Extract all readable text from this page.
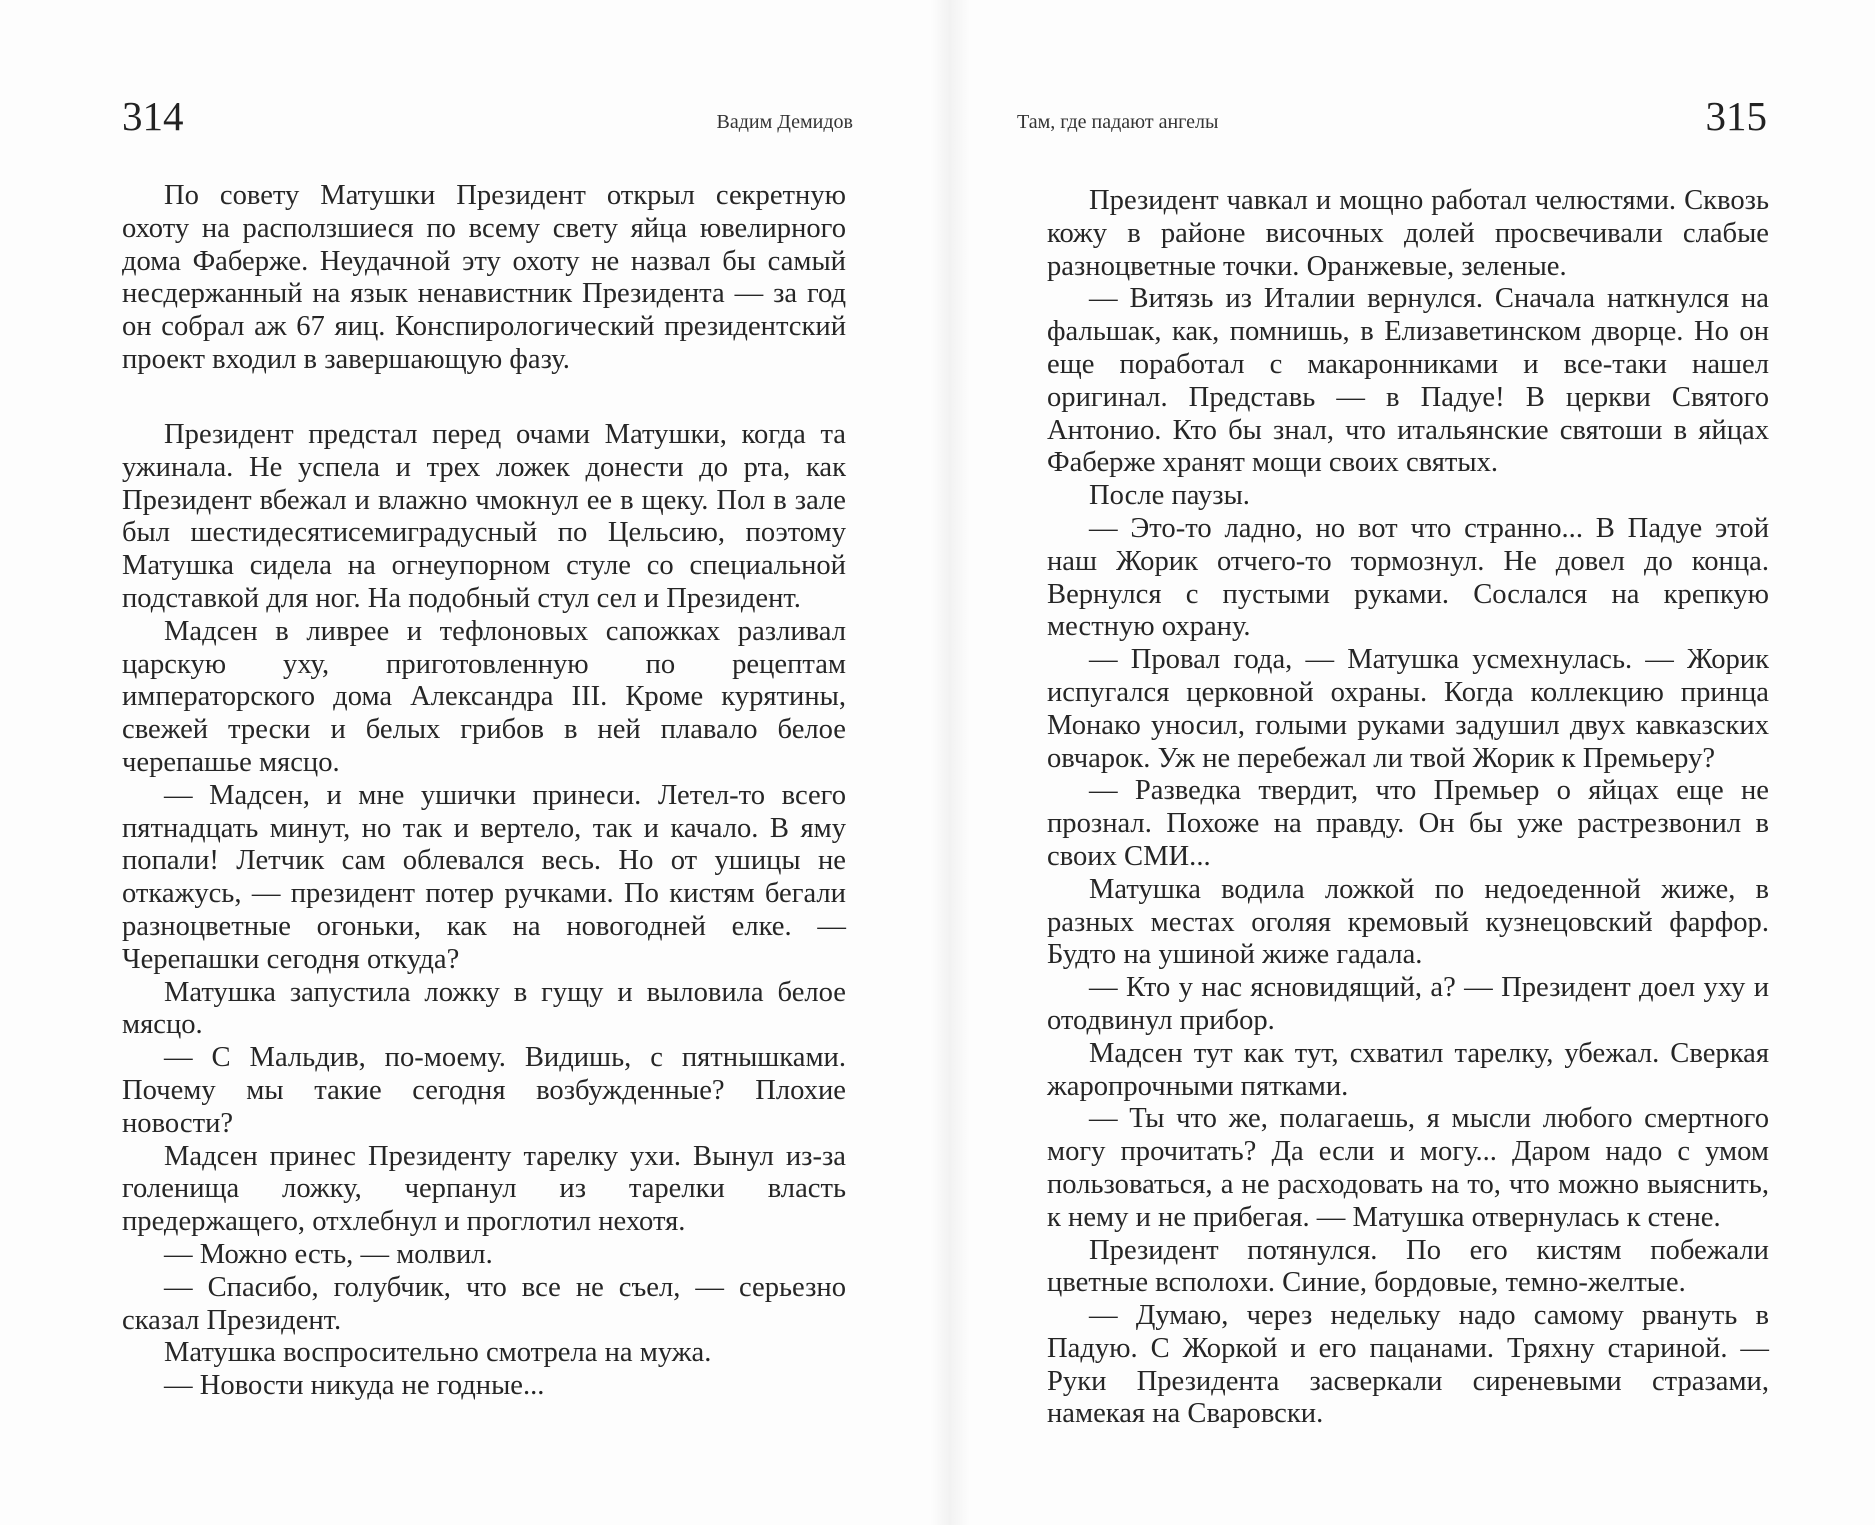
314	Вадим Демидов

По совету Матушки Президент открыл секретную охоту на расползшиеся по всему свету яйца ювелирного дома Фаберже. Неудачной эту охоту не назвал бы самый несдержанный на язык ненавистник Президента — за год он собрал аж 67 яиц. Конспирологический президентский проект входил в завершающую фазу.

Президент предстал перед очами Матушки, когда та ужинала. Не успела и трех ложек донести до рта, как Президент вбежал и влажно чмокнул ее в щеку. Пол в зале был шестидесятисемиградусный по Цельсию, поэтому Матушка сидела на огнеупорном стуле со специальной подставкой для ног. На подобный стул сел и Президент.

Мадсен в ливрее и тефлоновых сапожках разливал царскую уху, приготовленную по рецептам императорского дома Александра III. Кроме курятины, свежей трески и белых грибов в ней плавало белое черепашье мясцо.

— Мадсен, и мне ушички принеси. Летел-то всего пятнадцать минут, но так и вертело, так и качало. В яму попали! Летчик сам облевался весь. Но от ушицы не откажусь, — президент потер ручками. По кистям бегали разноцветные огоньки, как на новогодней елке. — Черепашки сегодня откуда?

Матушка запустила ложку в гущу и выловила белое мясцо.

— С Мальдив, по-моему. Видишь, с пятнышками. Почему мы такие сегодня возбужденные? Плохие новости?

Мадсен принес Президенту тарелку ухи. Вынул из-за голенища ложку, черпанул из тарелки власть предержащего, отхлебнул и проглотил нехотя.

— Можно есть, — молвил.

— Спасибо, голубчик, что все не съел, — серьезно сказал Президент.

Матушка воспросительно смотрела на мужа.

— Новости никуда не годные...

Там, где падают ангелы	315

Президент чавкал и мощно работал челюстями. Сквозь кожу в районе височных долей просвечивали слабые разноцветные точки. Оранжевые, зеленые.

— Витязь из Италии вернулся. Сначала наткнулся на фальшак, как, помнишь, в Елизаветинском дворце. Но он еще поработал с макаронниками и все-таки нашел оригинал. Представь — в Падуе! В церкви Святого Антонио. Кто бы знал, что итальянские святоши в яйцах Фаберже хранят мощи своих святых.

После паузы.

— Это-то ладно, но вот что странно... В Падуе этой наш Жорик отчего-то тормознул. Не довел до конца. Вернулся с пустыми руками. Сослался на крепкую местную охрану.

— Провал года, — Матушка усмехнулась. — Жорик испугался церковной охраны. Когда коллекцию принца Монако уносил, голыми руками задушил двух кавказских овчарок. Уж не перебежал ли твой Жорик к Премьеру?

— Разведка твердит, что Премьер о яйцах еще не прознал. Похоже на правду. Он бы уже растрезвонил в своих СМИ...

Матушка водила ложкой по недоеденной жиже, в разных местах оголяя кремовый кузнецовский фарфор. Будто на ушиной жиже гадала.

— Кто у нас ясновидящий, а? — Президент доел уху и отодвинул прибор.

Мадсен тут как тут, схватил тарелку, убежал. Сверкая жаропрочными пятками.

— Ты что же, полагаешь, я мысли любого смертного могу прочитать? Да если и могу... Даром надо с умом пользоваться, а не расходовать на то, что можно выяснить, к нему и не прибегая. — Матушка отвернулась к стене.

Президент потянулся. По его кистям побежали цветные всполохи. Синие, бордовые, темно-желтые.

— Думаю, через недельку надо самому рвануть в Падую. С Жоркой и его пацанами. Тряхну стариной. — Руки Президента засверкали сиреневыми стразами, намекая на Сваровски.
